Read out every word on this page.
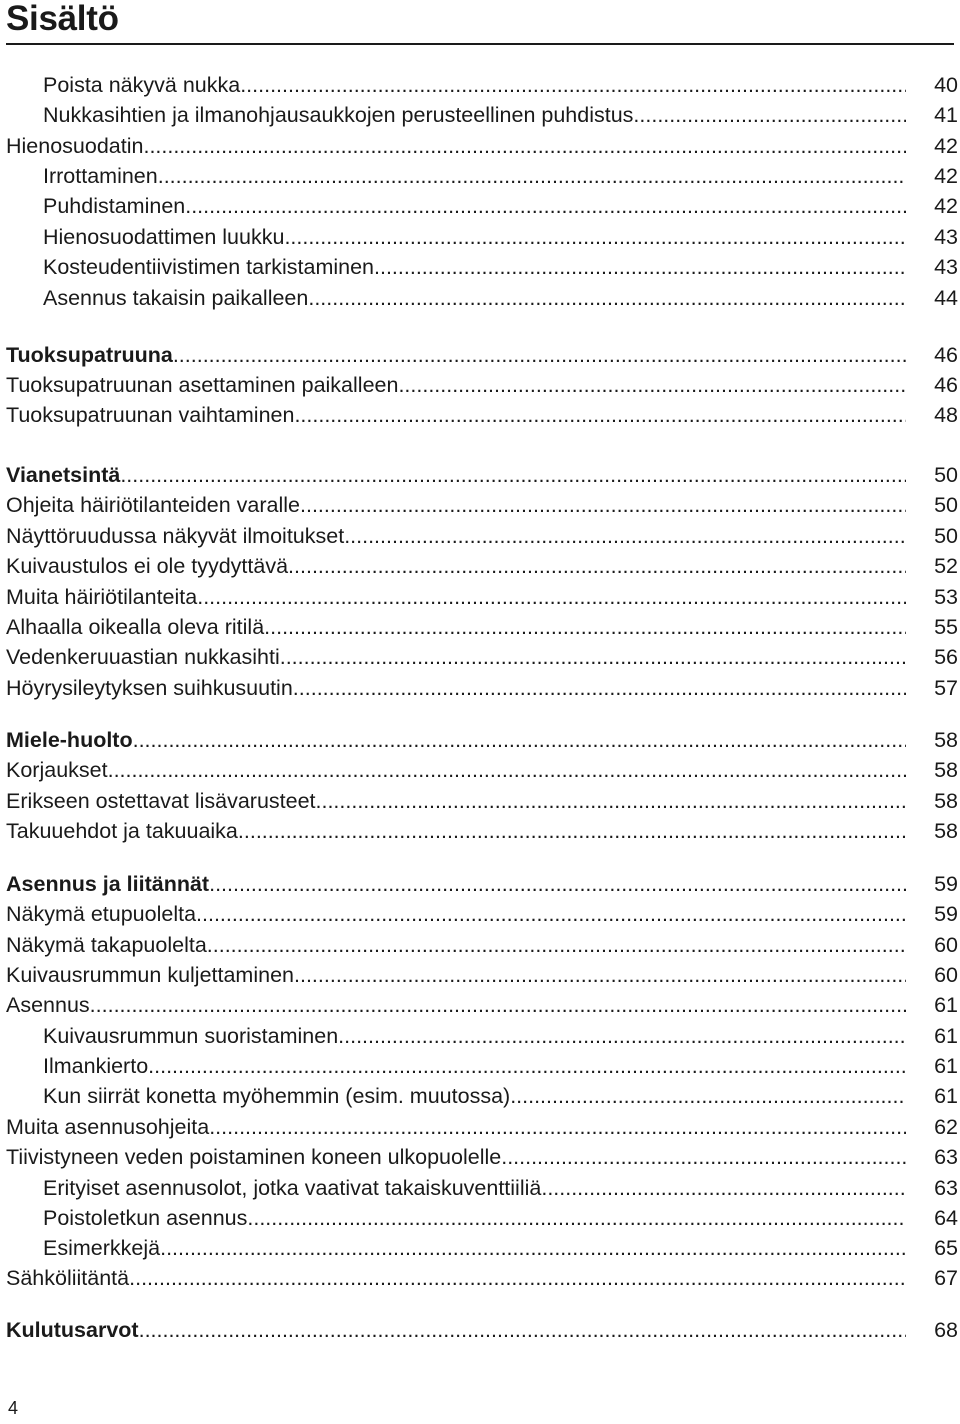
Sisältö
Poista näkyvä nukka .....	40
Nukkasihtien ja ilmanohjausaukkojen perusteellinen puhdistus .....	41
Hienosuodatin .....	42
Irrottaminen .....	42
Puhdistaminen .....	42
Hienosuodattimen luukku .....	43
Kosteudentiivistimen tarkistaminen .....	43
Asennus takaisin paikalleen .....	44
Tuoksupatruuna .....	46
Tuoksupatruunan asettaminen paikalleen .....	46
Tuoksupatruunan vaihtaminen .....	48
Vianetsintä .....	50
Ohjeita häiriötilanteiden varalle .....	50
Näyttöruudussa näkyvät ilmoitukset .....	50
Kuivaustulos ei ole tyydyttävä .....	52
Muita häiriötilanteita .....	53
Alhaalla oikealla oleva ritilä .....	55
Vedenkeruuastian nukkasihti .....	56
Höyrysileytyksen suihkusuutin .....	57
Miele-huolto .....	58
Korjaukset .....	58
Erikseen ostettavat lisävarusteet .....	58
Takuuehdot ja takuuaika .....	58
Asennus ja liitännät .....	59
Näkymä etupuolelta .....	59
Näkymä takapuolelta .....	60
Kuivausrummun kuljettaminen .....	60
Asennus .....	61
Kuivausrummun suoristaminen .....	61
Ilmankierto .....	61
Kun siirrät konetta myöhemmin (esim. muutossa) .....	61
Muita asennusohjeita .....	62
Tiivistyneen veden poistaminen koneen ulkopuolelle .....	63
Erityiset asennusolot, jotka vaativat takaiskuventtiiliä .....	63
Poistoletkun asennus .....	64
Esimerkkejä .....	65
Sähköliitäntä .....	67
Kulutusarvot .....	68
4
